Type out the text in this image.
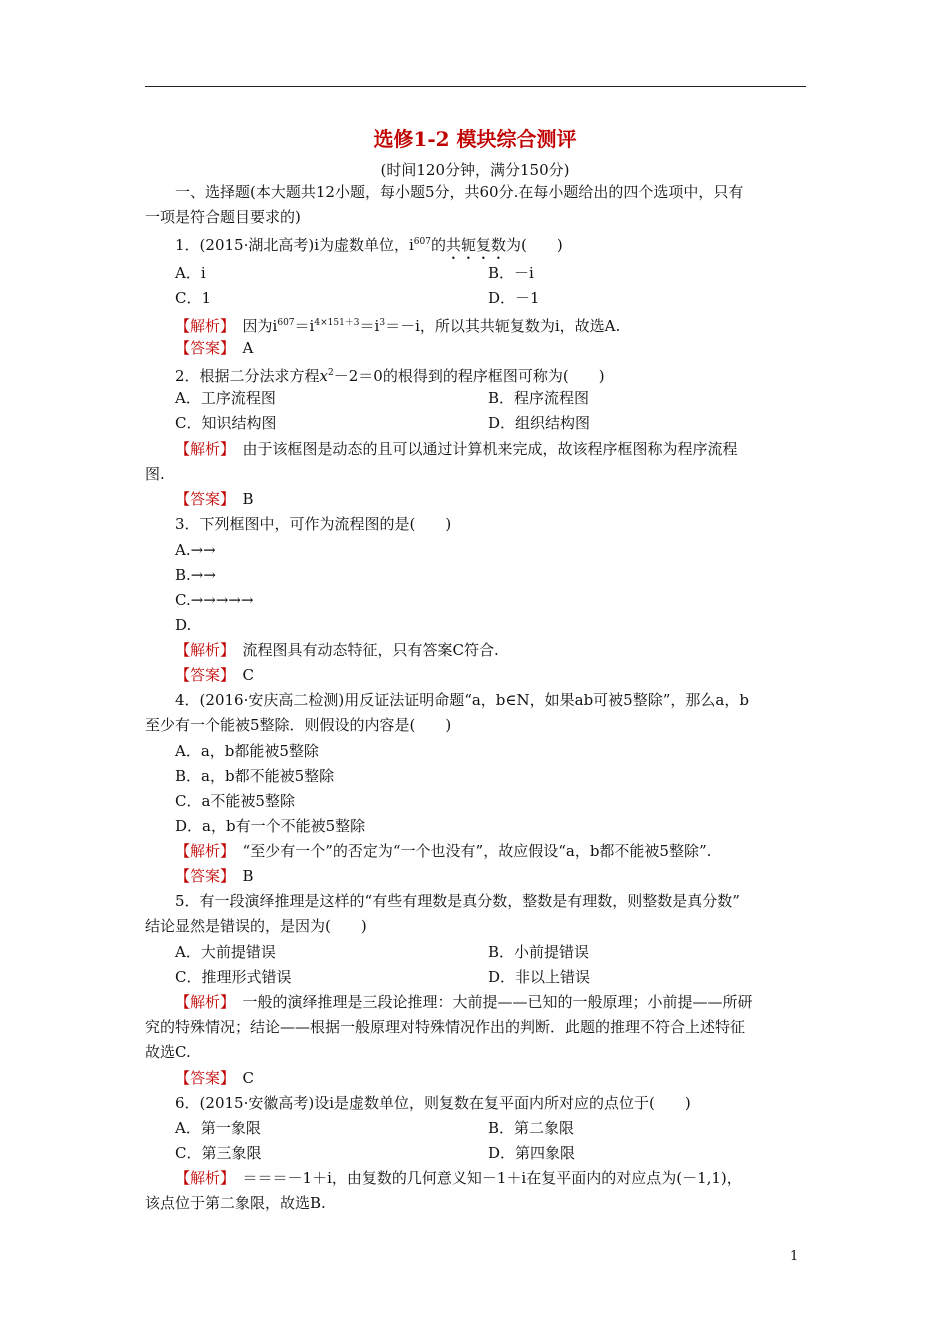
选修1-2 模块综合测评
(时间120分钟，满分150分)
一、选择题(本大题共12小题，每小题5分，共60分.在每小题给出的四个选项中，只有
一项是符合题目要求的)
1．(2015·湖北高考)i为虚数单位，$i^{607}$的共轭复数为(　　)
A．i	B．－i
C．1	D．－1
【解析】　 因为$i^{607}=i^{4\times 151+3}=i^3=-i$，所以其共轭复数为i，故选A.
【答案】　 A
2．根据二分法求方程$x^2-2=0$的根得到的程序框图可称为(　　)
A．工序流程图	B．程序流程图
C．知识结构图	D．组织结构图
【解析】　 由于该框图是动态的且可以通过计算机来完成，故该程序框图称为程序流程
图.
【答案】　 B
3．下列框图中，可作为流程图的是(　　)
A.→→
B.→→
C.→→→→→
D.
【解析】　 流程图具有动态特征，只有答案C符合.
【答案】　 C
4．(2016·安庆高二检测)用反证法证明命题“a，b∈N，如果ab可被5整除”，那么a，b
至少有一个能被5整除．则假设的内容是(　　)
A．a，b都能被5整除
B．a，b都不能被5整除
C．a不能被5整除
D．a，b有一个不能被5整除
【解析】　 “至少有一个”的否定为“一个也没有”，故应假设“a，b都不能被5整除”.
【答案】　 B
5．有一段演绎推理是这样的“有些有理数是真分数，整数是有理数，则整数是真分数”
结论显然是错误的，是因为(　　)
A．大前提错误	B．小前提错误
C．推理形式错误	D．非以上错误
【解析】　 一般的演绎推理是三段论推理：大前提——已知的一般原理；小前提——所研
究的特殊情况；结论——根据一般原理对特殊情况作出的判断．此题的推理不符合上述特征
故选C.
【答案】　 C
6．(2015·安徽高考)设i是虚数单位，则复数在复平面内所对应的点位于(　　)
A．第一象限	B．第二象限
C．第三象限	D．第四象限
【解析】　 ＝＝＝－1＋i，由复数的几何意义知－1＋i在复平面内的对应点为(－1,1)，
该点位于第二象限，故选B.
1
